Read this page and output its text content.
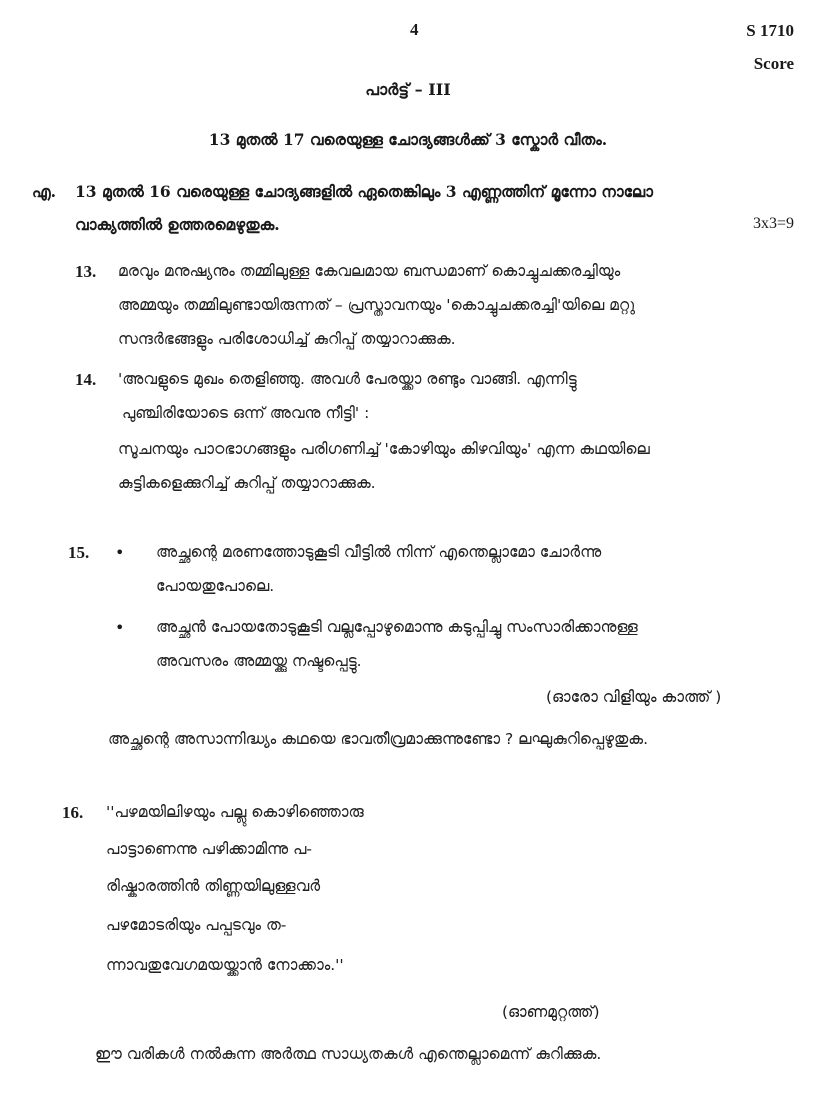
4	S 1710
Score
പാർട്ട് – III
13 മുതൽ 17 വരെയുള്ള ചോദ്യങ്ങൾക്ക് 3 സ്കോർ വീതം.
എ. 13 മുതൽ 16 വരെയുള്ള ചോദ്യങ്ങളിൽ ഏതെങ്കിലും 3 എണ്ണത്തിന് മൂന്നോ നാലോ
വാക്യത്തിൽ ഉത്തരമെഴുതുക.	3x3=9
13. മരവും മനുഷ്യനും തമ്മിലുള്ള കേവലമായ ബന്ധമാണ് കൊച്ചുചക്കരച്ചിയും
അമ്മയും തമ്മിലുണ്ടായിരുന്നത് – പ്രസ്താവനയും 'കൊച്ചുചക്കരച്ചി'യിലെ മറ്റു
സന്ദർഭങ്ങളും പരിശോധിച്ച് കുറിപ്പ് തയ്യാറാക്കുക.
14. 'അവളുടെ മുഖം തെളിഞ്ഞു. അവൾ പേരയ്ക്കാ രണ്ടും വാങ്ങി. എന്നിട്ടു
പുഞ്ചിരിയോടെ ഒന്ന് അവനു നീട്ടി' :
സൂചനയും പാഠഭാഗങ്ങളും പരിഗണിച്ച് 'കോഴിയും കിഴവിയും' എന്ന കഥയിലെ
കുട്ടികളെക്കുറിച്ച് കുറിപ്പ് തയ്യാറാക്കുക.
15. • അച്ഛന്റെ മരണത്തോടുകൂടി വീട്ടിൽ നിന്ന് എന്തെല്ലാമോ ചോർന്നു
പോയതുപോലെ.
• അച്ഛൻ പോയതോടുകൂടി വല്ലപ്പോഴുമൊന്നു കടുപ്പിച്ചു സംസാരിക്കാനുള്ള
അവസരം അമ്മയ്ക്കു നഷ്ടപ്പെട്ടു.
(ഓരോ വിളിയും കാത്ത് )
അച്ഛന്റെ അസാന്നിദ്ധ്യം കഥയെ ഭാവതീവ്രമാക്കുന്നുണ്ടോ ? ലഘുകുറിപ്പെഴുതുക.
16. ''പഴമയിലിഴയും പല്ലു കൊഴിഞ്ഞൊരു
പാട്ടാണെന്നു പഴിക്കാമിന്നു പ-
രിഷ്കാരത്തിൻ തിണ്ണയിലുള്ളവർ
പഴമോടരിയും പപ്പടവും ത-
ന്നാവതുവേഗമയയ്ക്കാൻ നോക്കാം.''
(ഓണമുറ്റത്ത്)
ഈ വരികൾ നൽകുന്ന അർത്ഥ സാധ്യതകൾ എന്തെല്ലാമെന്ന് കുറിക്കുക.
